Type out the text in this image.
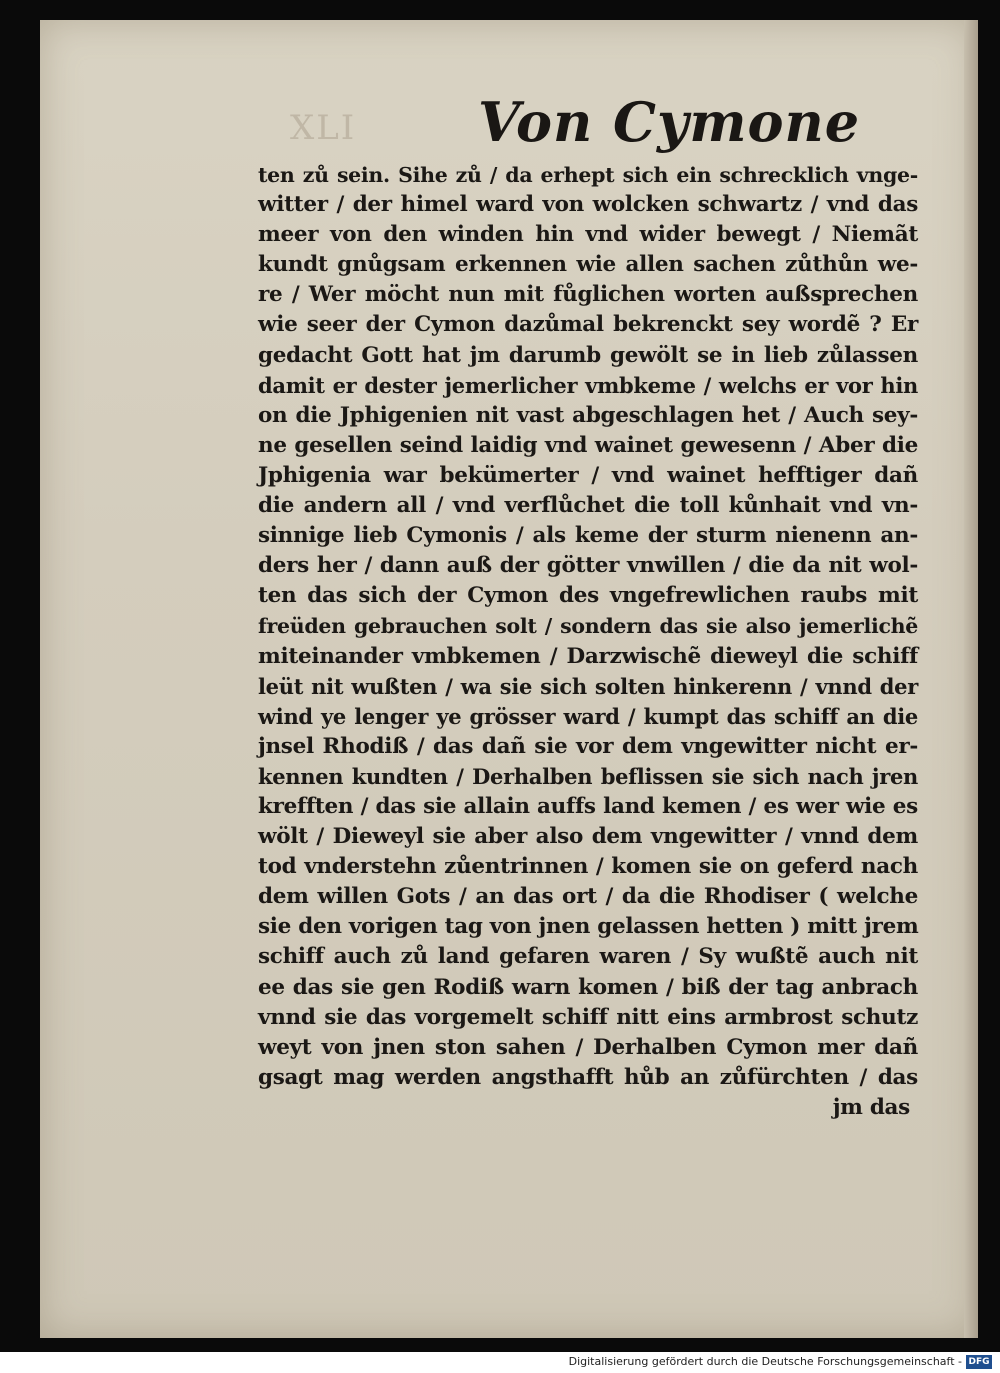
XLI Von Cymone
ten zů sein. Sihe zů / da erhept sich ein schrecklich vnge-
witter / der himel ward von wolcken schwartz / vnd das
meer von den winden hin vnd wider bewegt / Niemãt
kundt gnůgsam erkennen wie allen sachen zůthůn we-
re / Wer möcht nun mit fůglichen worten außsprechen
wie seer der Cymon dazůmal bekrenckt sey wordẽ ? Er
gedacht Gott hat jm darumb gewölt se in lieb zůlassen
damit er dester jemerlicher vmbkeme / welchs er vor hin
on die Jphigenien nit vast abgeschlagen het / Auch sey-
ne gesellen seind laidig vnd wainet gewesenn / Aber die
Jphigenia war bekümerter / vnd wainet hefftiger dañ
die andern all / vnd verflůchet die toll kůnhait vnd vn-
sinnige lieb Cymonis / als keme der sturm nienenn an-
ders her / dann auß der götter vnwillen / die da nit wol-
ten das sich der Cymon des vngefrewlichen raubs mit
freüden gebrauchen solt / sondern das sie also jemerlichẽ
miteinander vmbkemen / Darzwischẽ dieweyl die schiff
leüt nit wußten / wa sie sich solten hinkerenn / vnnd der
wind ye lenger ye grösser ward / kumpt das schiff an die
jnsel Rhodiß / das dañ sie vor dem vngewitter nicht er-
kennen kundten / Derhalben beflissen sie sich nach jren
krefften / das sie allain auffs land kemen / es wer wie es
wölt / Dieweyl sie aber also dem vngewitter / vnnd dem
tod vnderstehn zůentrinnen / komen sie on geferd nach
dem willen Gots / an das ort / da die Rhodiser ( welche
sie den vorigen tag von jnen gelassen hetten ) mitt jrem
schiff auch zů land gefaren waren / Sy wußtẽ auch nit
ee das sie gen Rodiß warn komen / biß der tag anbrach
vnnd sie das vorgemelt schiff nitt eins armbrost schutz
weyt von jnen ston sahen / Derhalben Cymon mer dañ
gsagt mag werden angsthafft hůb an zůfürchten / das
jm das
Digitalisierung gefördert durch die Deutsche Forschungsgemeinschaft - DFG
